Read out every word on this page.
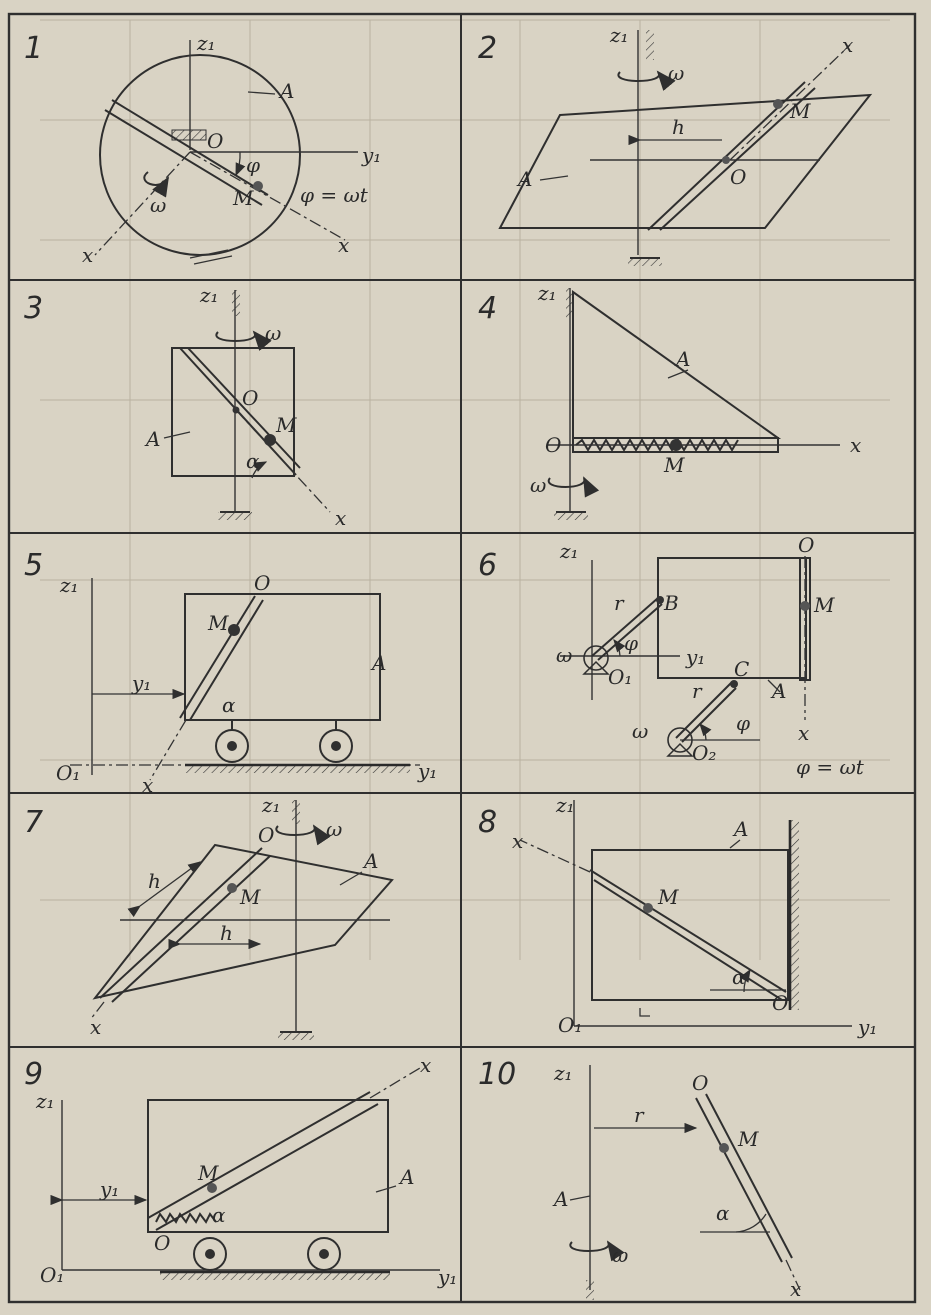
1	z₁
y₁
x	x
M
O
A
φ
ω	φ = ωt
2	z₁
ω
x
M
O
h
A
3	z₁
ω
x
O
M
α
A
4 z₁
A
x
M
O
ω
5
z₁
y₁
O₁
A
x
O
M
y₁
α
6	z₁
y₁
A
x
O
M
B
r
O₁
φ
ω
C
r
O₂
φ
ω
φ = ωt
7	z₁
ω
A
x
O
M
h
h
8	z₁
y₁
O₁
A
x
M
O
α
9
z₁
y₁
O₁
A
x
M
O
α
y₁
10 z₁
r
x
O
M
α
A
ω
